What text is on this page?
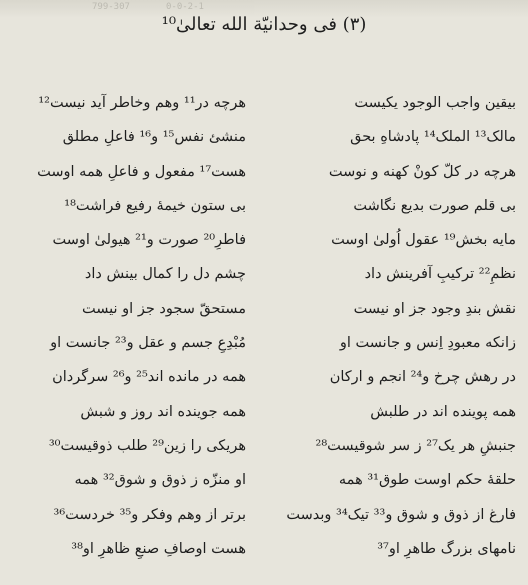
799-307	0-0-2-1
(۳) فی وحدانیّة الله تعالیٰ¹⁰
بیقین واجب الوجود یکیست
مالک¹³ الملک¹⁴ پادشاهِ بحق
هرچه در کلّ کونْ کهنه و نوست
بی قلم صورت بدیع نگاشت
مایه بخش¹⁹ عقول اُولیٰ اوست
نظمِ²² ترکیبِ آفرینش داد
نقش بندِ وجود جز او نیست
زانکه معبودِ اِنس و جانست او
در رهش چرخ و²⁴ انجم و ارکان
همه پوینده اند در طلبش
جنبشِ هر یک²⁷ ز سر شوقیست²⁸
حلقهٔ حکم اوست طوق³¹ همه
فارغ از ذوق و شوق و³³ تیک³⁴ وبدست
نامهای بزرگ طاهرِ او³⁷
هرچه در¹¹ وهم وخاطر آید نیست¹²
منشئ نفس¹⁵ و¹⁶ فاعلِ مطلق
هست¹⁷ مفعول و فاعلِ همه اوست
بی ستون خیمهٔ رفیع فراشت¹⁸
فاطرِ²⁰ صورت و²¹ هیولیٰ اوست
چشم دل را کمال بینش داد
مستحقّ سجود جز او نیست
مُبْدِعِ جسم و عقل و²³ جانست او
همه در مانده اند²⁵ و²⁶ سرگردان
همه جوینده اند روز و شبش
هریکی را زین²⁹ طلب ذوقیست³⁰
او منزّه ز ذوق و شوق³² همه
برتر از وهم وفکر و³⁵ خردست³⁶
هست اوصافِ صنعِ ظاهرِ او³⁸
